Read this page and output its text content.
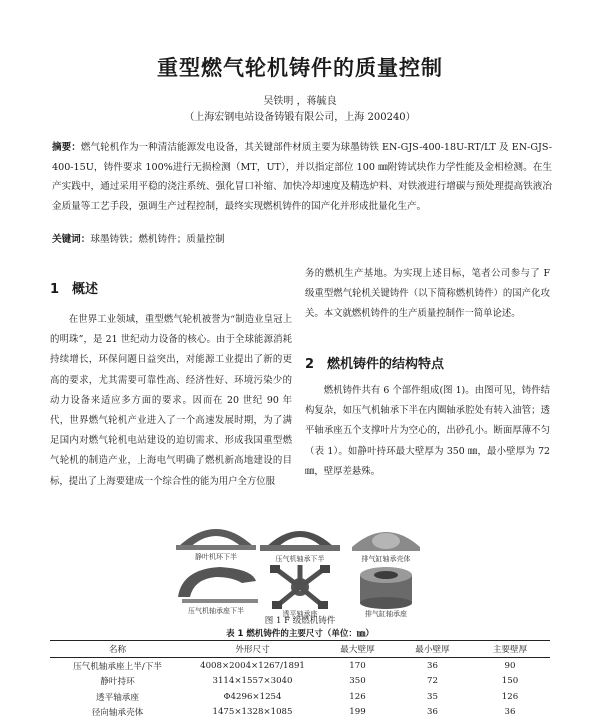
重型燃气轮机铸件的质量控制
吴铁明 ，蒋毓良
（上海宏钢电站设备铸锻有限公司，上海 200240）
摘要：燃气轮机作为一种清洁能源发电设备，其关键部件材质主要为球墨铸铁 EN-GJS-400-18U-RT/LT 及 EN-GJS-400-15U，铸件要求 100%进行无损检测（MT，UT），并以指定部位 100 ㎜附铸试块作力学性能及金相检测。在生产实践中，通过采用平稳的浇注系统、强化冒口补缩、加快冷却速度及精选炉料、对铁液进行增碳与预处理提高铁液冶金质量等工艺手段，强调生产过程控制，最终实现燃机铸件的国产化并形成批量化生产。
关键词：球墨铸铁；燃机铸件；质量控制
1 概述

在世界工业领域，重型燃气轮机被誉为“制造业皇冠上的明珠”，是 21 世纪动力设备的核心。由于全球能源消耗持续增长，环保问题日益突出，对能源工业提出了新的更高的要求，尤其需要可靠性高、经济性好、环境污染少的动力设备来适应多方面的要求。因而在 20 世纪 90 年代，世界燃气轮机产业进入了一个高速发展时期，为了满足国内对燃气轮机电站建设的迫切需求、形成我国重型燃气轮机的制造产业，上海电气明确了燃机新高地建设的目标，提出了上海要建成一个综合性的能为用户全方位服

务的燃机生产基地。为实现上述目标，笔者公司参与了 F 级重型燃气轮机关键铸件（以下简称燃机铸件）的国产化攻关。本文就燃机铸件的生产质量控制作一简单论述。

2 燃机铸件的结构特点

燃机铸件共有 6 个部件组成(图 1)。由图可见，铸件结构复杂，如压气机轴承下半在内圈轴承腔处有转入油管；透平轴承座五个支撑叶片为空心的，出砂孔小。断面厚薄不匀（表 1）。如静叶持环最大壁厚为 350 ㎜，最小壁厚为 72 ㎜，壁厚差悬殊。

静叶机环下半	压气机轴承下半	排气缸轴承壳体
压气机轴承座下半	透平轴承座	排气缸轴承座
图 1 F 级燃机铸件
表 1 燃机铸件的主要尺寸（单位：㎜）
名称	外形尺寸	最大壁厚	最小壁厚	主要壁厚
压气机轴承座上半/下半	4008×2004×1267/1891	170	36	90
静叶持环	3114×1557×3040	350	72	150
透平轴承座	Φ4296×1254	126	35	126
径向轴承壳体	1475×1328×1085	199	36	36
